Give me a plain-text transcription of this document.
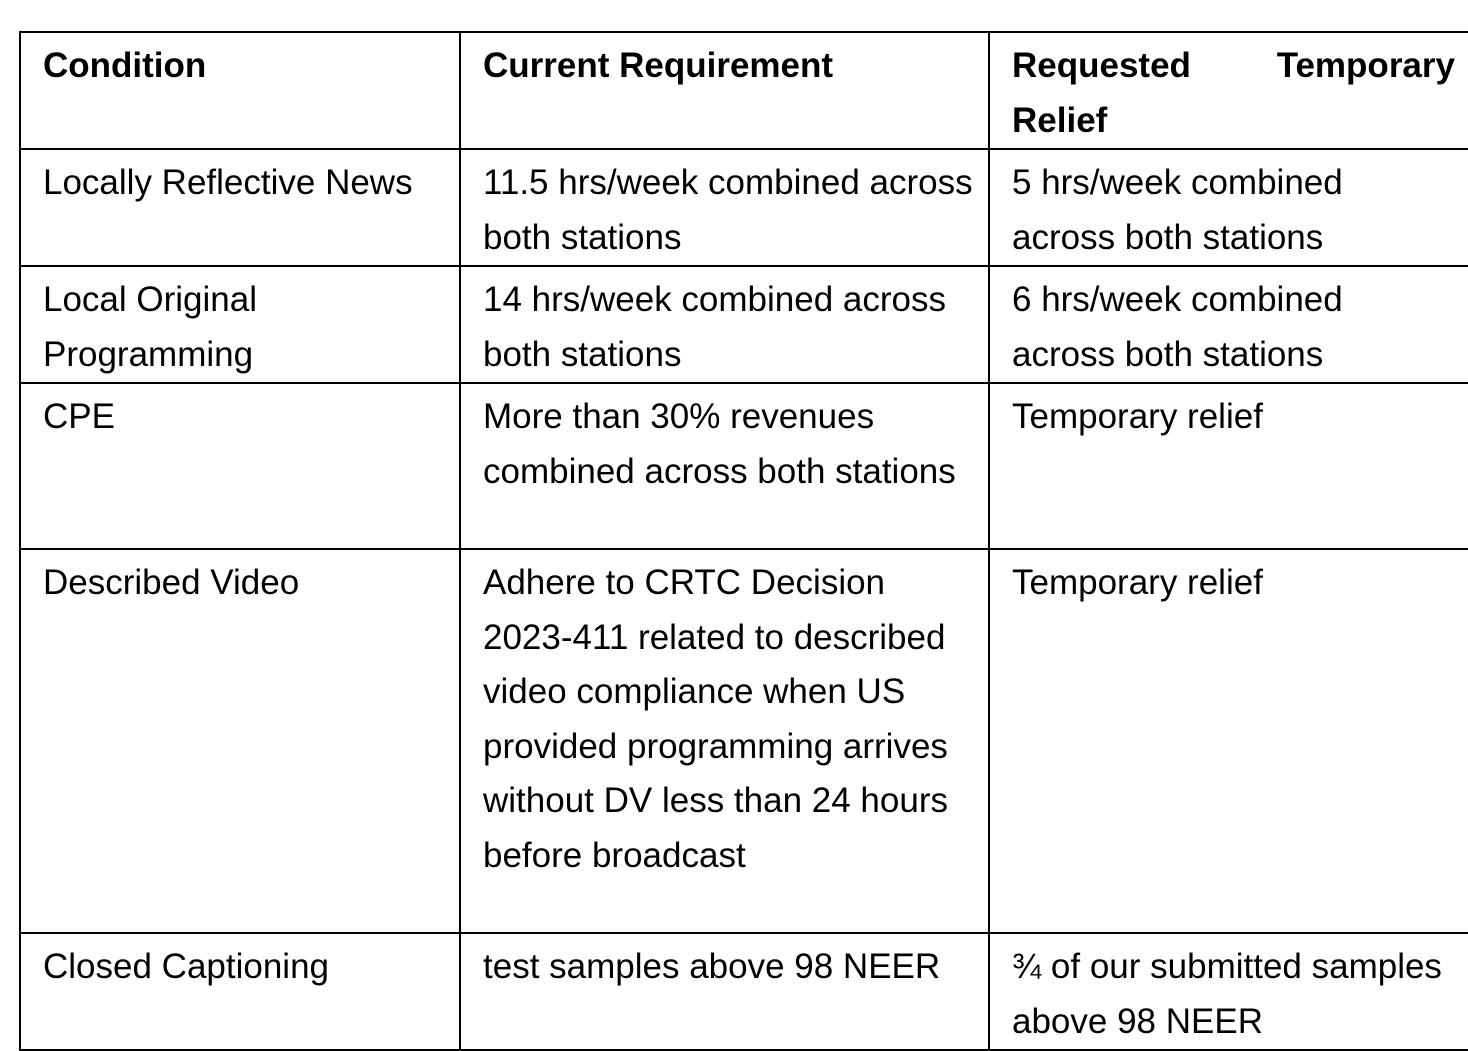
Condition	Current Requirement	Requested Temporary
Relief

Locally Reflective News	11.5 hrs/week combined across both stations	5 hrs/week combined across both stations
Local Original Programming	14 hrs/week combined across both stations	6 hrs/week combined across both stations
CPE	More than 30% revenues combined across both stations	Temporary relief
Described Video	Adhere to CRTC Decision 2023-411 related to described video compliance when US provided programming arrives without DV less than 24 hours before broadcast	Temporary relief
Closed Captioning	test samples above 98 NEER	¾ of our submitted samples above 98 NEER
